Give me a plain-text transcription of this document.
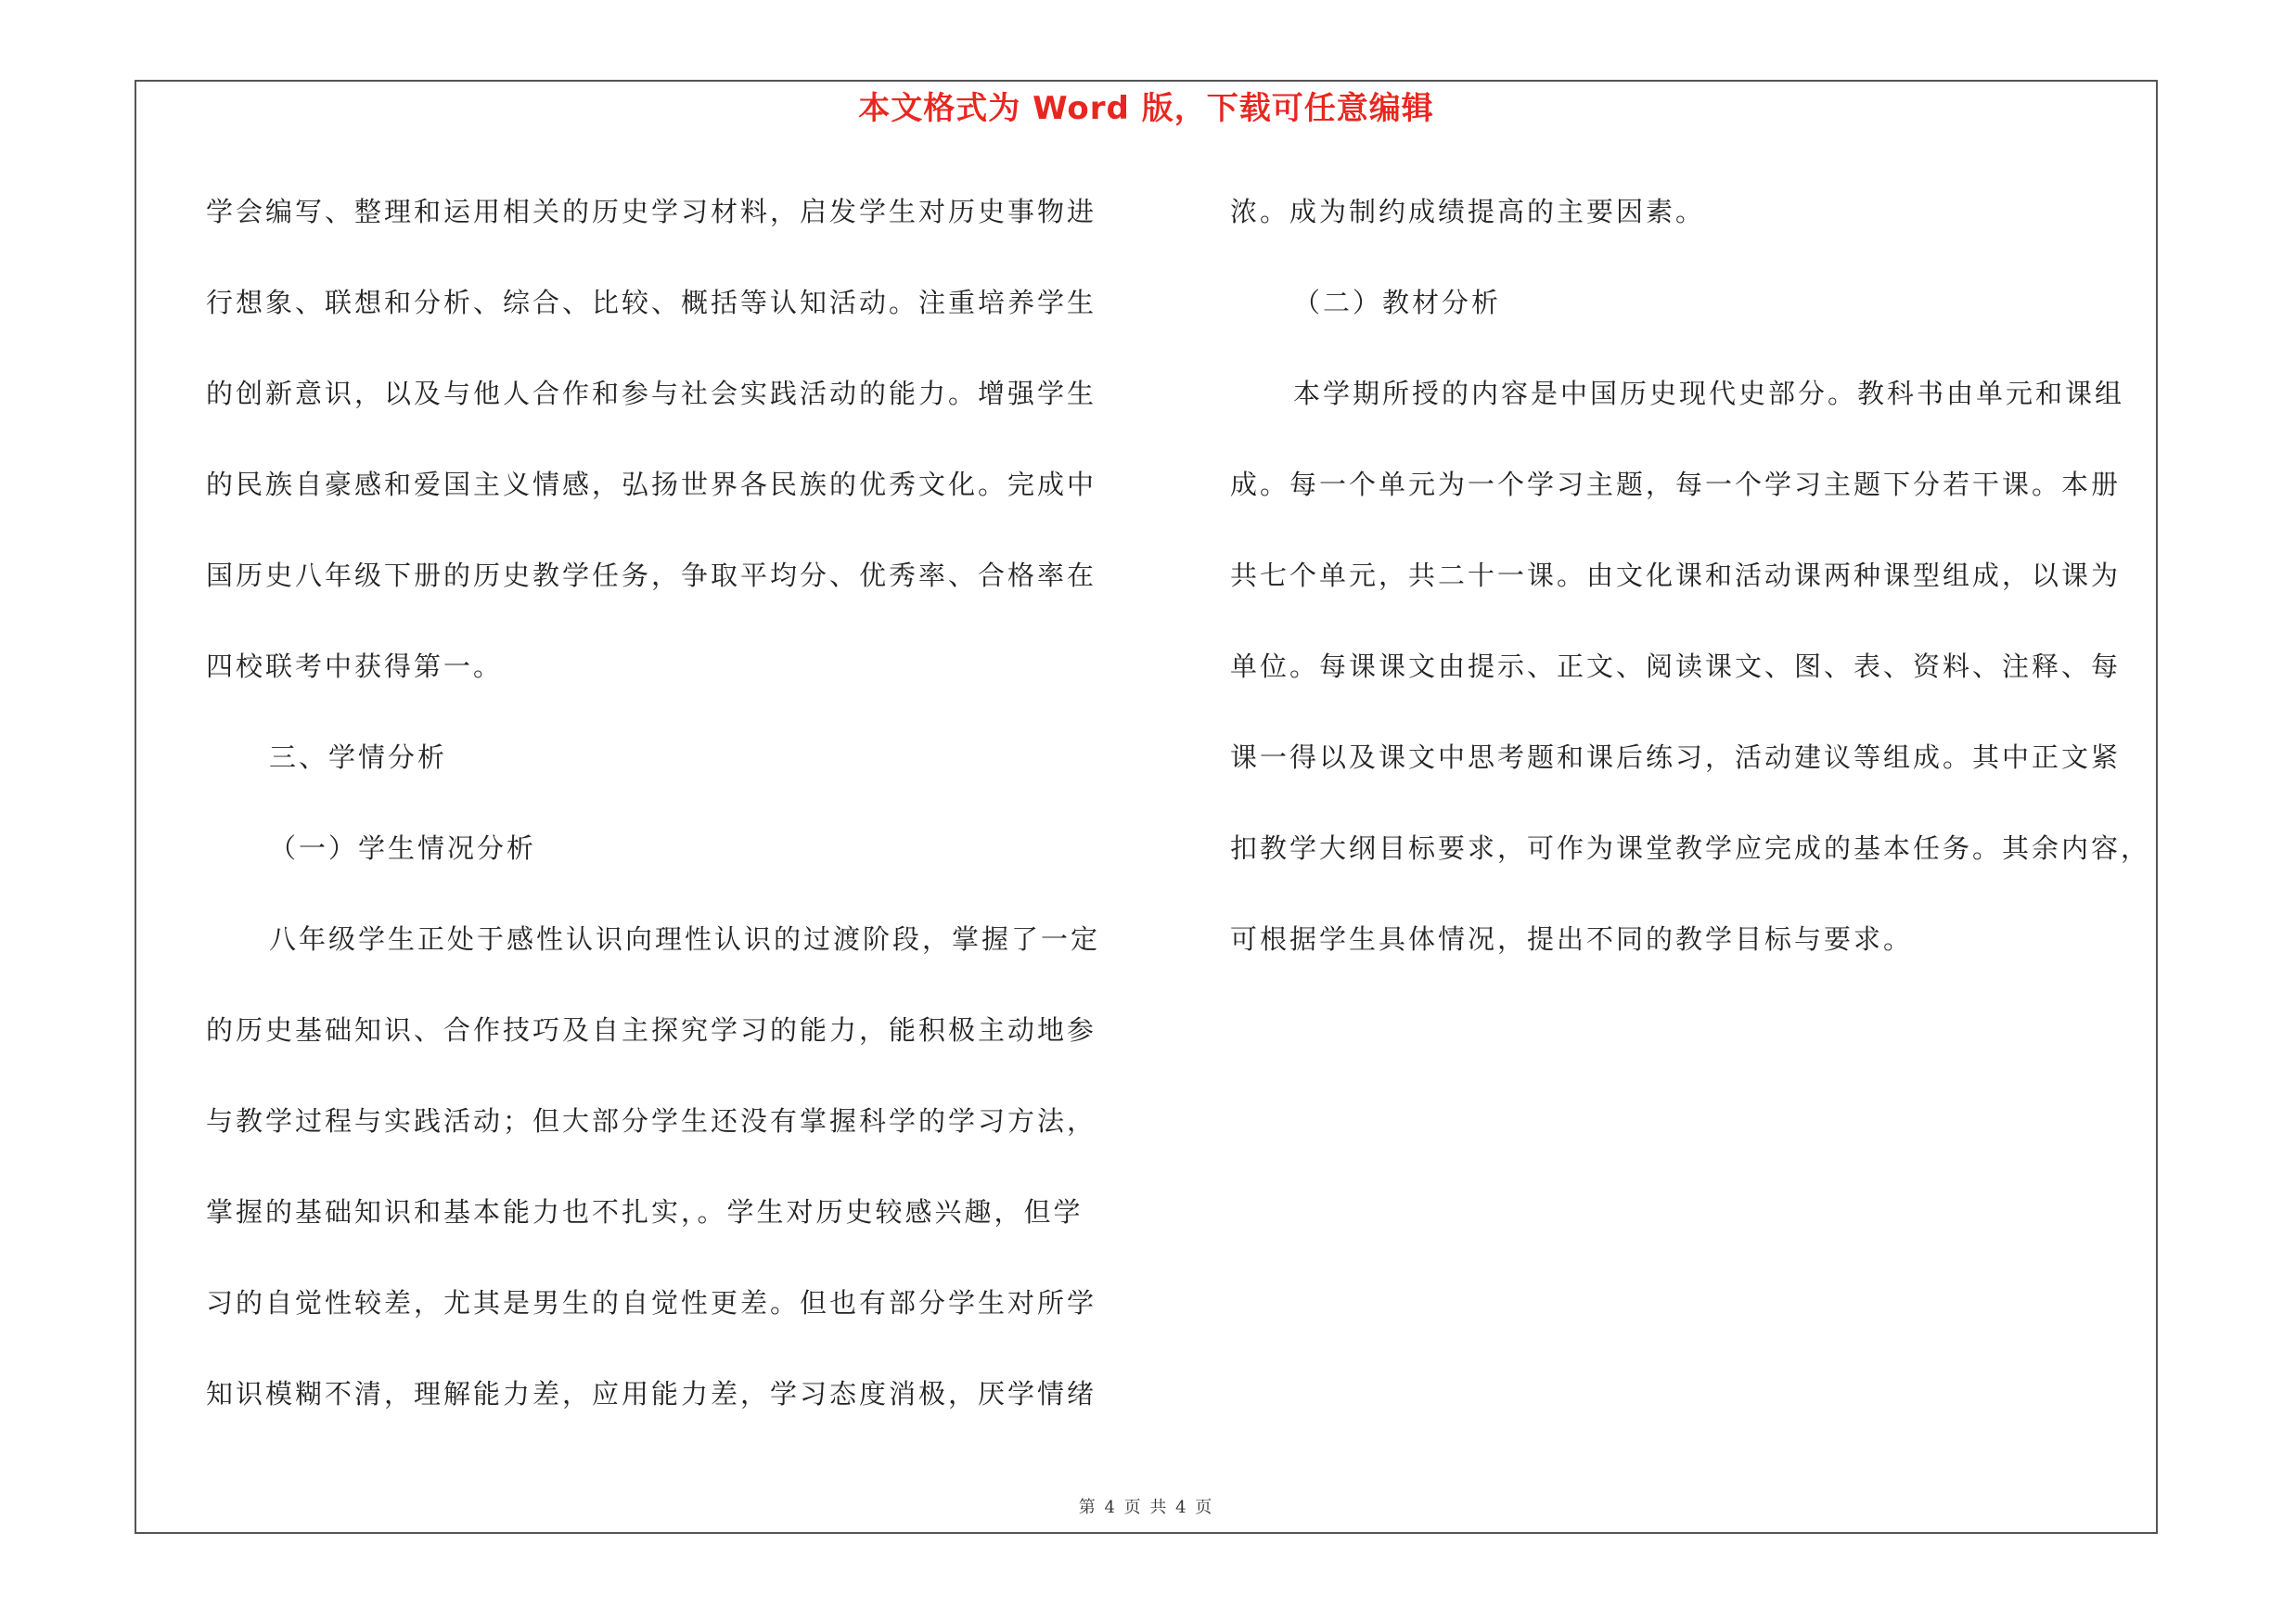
本文格式为 Word 版，下载可任意编辑
学会编写、整理和运用相关的历史学习材料，启发学生对历史事物进
行想象、联想和分析、综合、比较、概括等认知活动。注重培养学生
的创新意识，以及与他人合作和参与社会实践活动的能力。增强学生
的民族自豪感和爱国主义情感，弘扬世界各民族的优秀文化。完成中
国历史八年级下册的历史教学任务，争取平均分、优秀率、合格率在
四校联考中获得第一。
三、学情分析
（一）学生情况分析
八年级学生正处于感性认识向理性认识的过渡阶段，掌握了一定
的历史基础知识、合作技巧及自主探究学习的能力，能积极主动地参
与教学过程与实践活动；但大部分学生还没有掌握科学的学习方法，
掌握的基础知识和基本能力也不扎实，。学生对历史较感兴趣，但学
习的自觉性较差，尤其是男生的自觉性更差。但也有部分学生对所学
知识模糊不清，理解能力差，应用能力差，学习态度消极，厌学情绪
浓。成为制约成绩提高的主要因素。
（二）教材分析
本学期所授的内容是中国历史现代史部分。教科书由单元和课组
成。每一个单元为一个学习主题，每一个学习主题下分若干课。本册
共七个单元，共二十一课。由文化课和活动课两种课型组成，以课为
单位。每课课文由提示、正文、阅读课文、图、表、资料、注释、每
课一得以及课文中思考题和课后练习，活动建议等组成。其中正文紧
扣教学大纲目标要求，可作为课堂教学应完成的基本任务。其余内容，
可根据学生具体情况，提出不同的教学目标与要求。
第 4 页 共 4 页
